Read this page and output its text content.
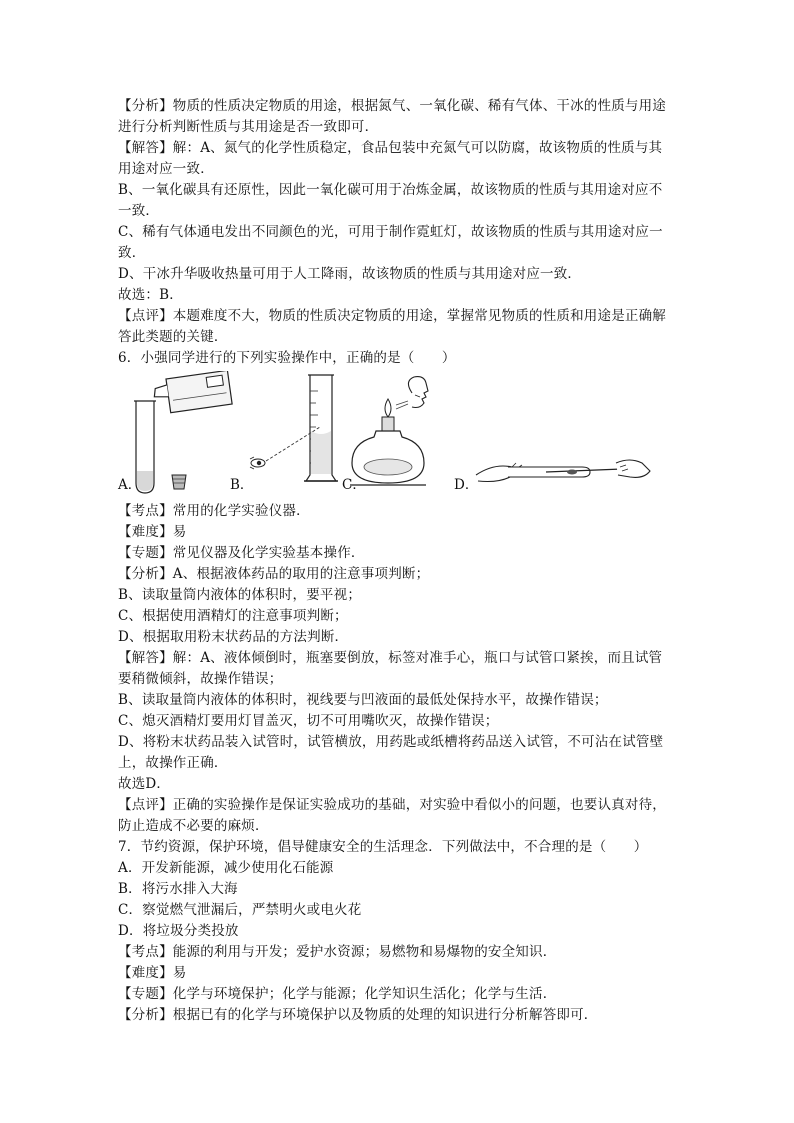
【分析】物质的性质决定物质的用途，根据氮气、一氧化碳、稀有气体、干冰的性质与用途
进行分析判断性质与其用途是否一致即可．
【解答】解：A、氮气的化学性质稳定，食品包装中充氮气可以防腐，故该物质的性质与其
用途对应一致．
B、一氧化碳具有还原性，因此一氧化碳可用于冶炼金属，故该物质的性质与其用途对应不
一致．
C、稀有气体通电发出不同颜色的光，可用于制作霓虹灯，故该物质的性质与其用途对应一
致．
D、干冰升华吸收热量可用于人工降雨，故该物质的性质与其用途对应一致．
故选：B．
【点评】本题难度不大，物质的性质决定物质的用途，掌握常见物质的性质和用途是正确解
答此类题的关键．
6．小强同学进行的下列实验操作中，正确的是（　　）
A．	B．	C．	D．
【考点】常用的化学实验仪器．
【难度】易
【专题】常见仪器及化学实验基本操作．
【分析】A、根据液体药品的取用的注意事项判断；
B、读取量筒内液体的体积时，要平视；
C、根据使用酒精灯的注意事项判断；
D、根据取用粉末状药品的方法判断．
【解答】解：A、液体倾倒时，瓶塞要倒放，标签对准手心，瓶口与试管口紧挨，而且试管
要稍微倾斜，故操作错误；
B、读取量筒内液体的体积时，视线要与凹液面的最低处保持水平，故操作错误；
C、熄灭酒精灯要用灯冒盖灭，切不可用嘴吹灭，故操作错误；
D、将粉末状药品装入试管时，试管横放，用药匙或纸槽将药品送入试管，不可沾在试管壁
上，故操作正确．
故选D．
【点评】正确的实验操作是保证实验成功的基础，对实验中看似小的问题，也要认真对待，
防止造成不必要的麻烦．
7．节约资源，保护环境，倡导健康安全的生活理念．下列做法中，不合理的是（　　）
A．开发新能源，减少使用化石能源
B．将污水排入大海
C．察觉燃气泄漏后，严禁明火或电火花
D．将垃圾分类投放
【考点】能源的利用与开发；爱护水资源；易燃物和易爆物的安全知识．
【难度】易
【专题】化学与环境保护；化学与能源；化学知识生活化；化学与生活．
【分析】根据已有的化学与环境保护以及物质的处理的知识进行分析解答即可．
